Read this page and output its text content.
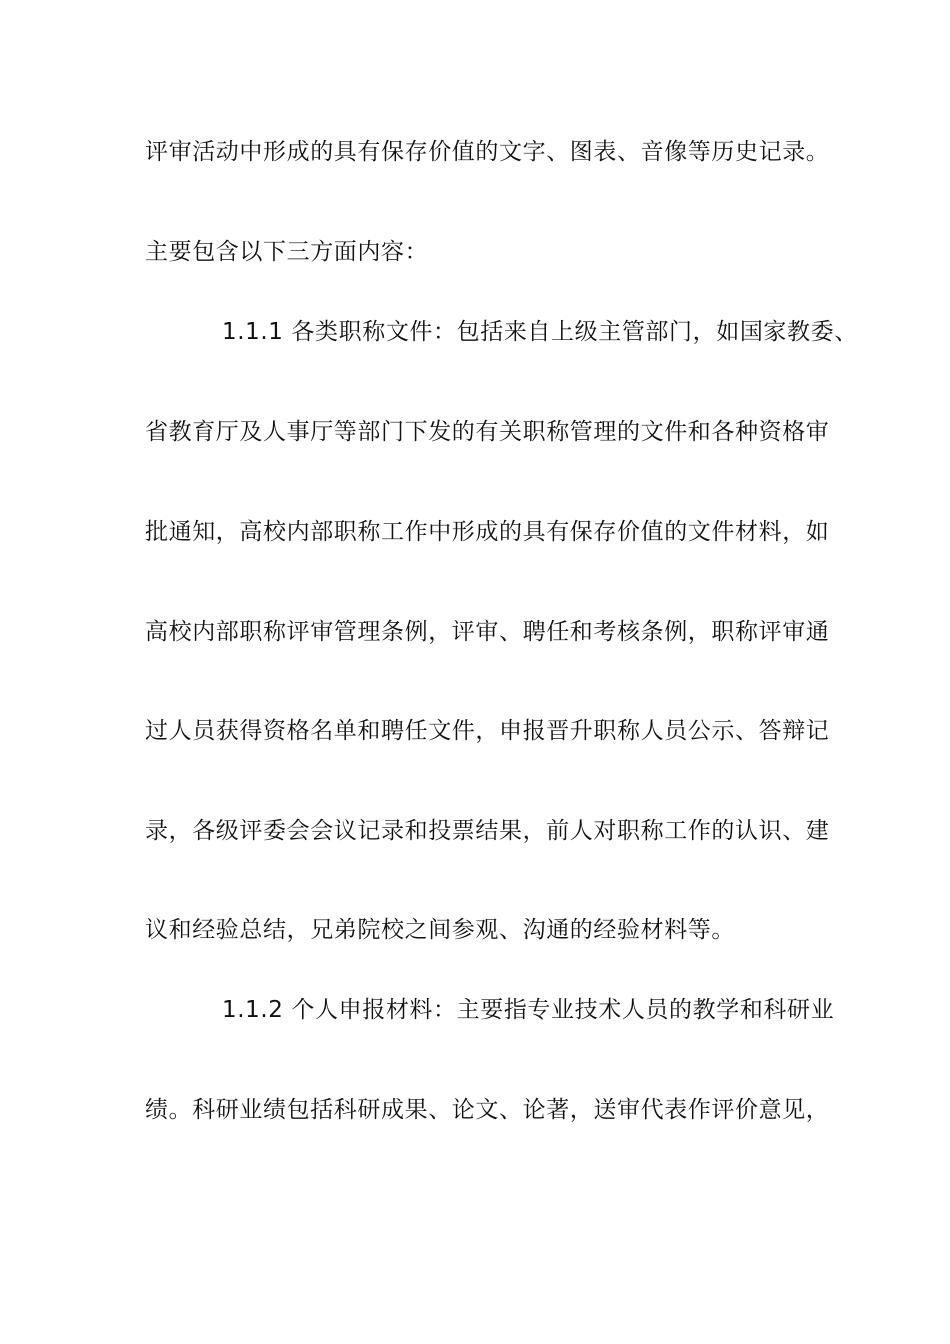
评审活动中形成的具有保存价值的文字、图表、音像等历史记录。
主要包含以下三方面内容：
1.1.1 各类职称文件：包括来自上级主管部门，如国家教委、
省教育厅及人事厅等部门下发的有关职称管理的文件和各种资格审
批通知，高校内部职称工作中形成的具有保存价值的文件材料，如
高校内部职称评审管理条例，评审、聘任和考核条例，职称评审通
过人员获得资格名单和聘任文件，申报晋升职称人员公示、答辩记
录，各级评委会会议记录和投票结果，前人对职称工作的认识、建
议和经验总结，兄弟院校之间参观、沟通的经验材料等。
1.1.2 个人申报材料：主要指专业技术人员的教学和科研业
绩。科研业绩包括科研成果、论文、论著，送审代表作评价意见，
